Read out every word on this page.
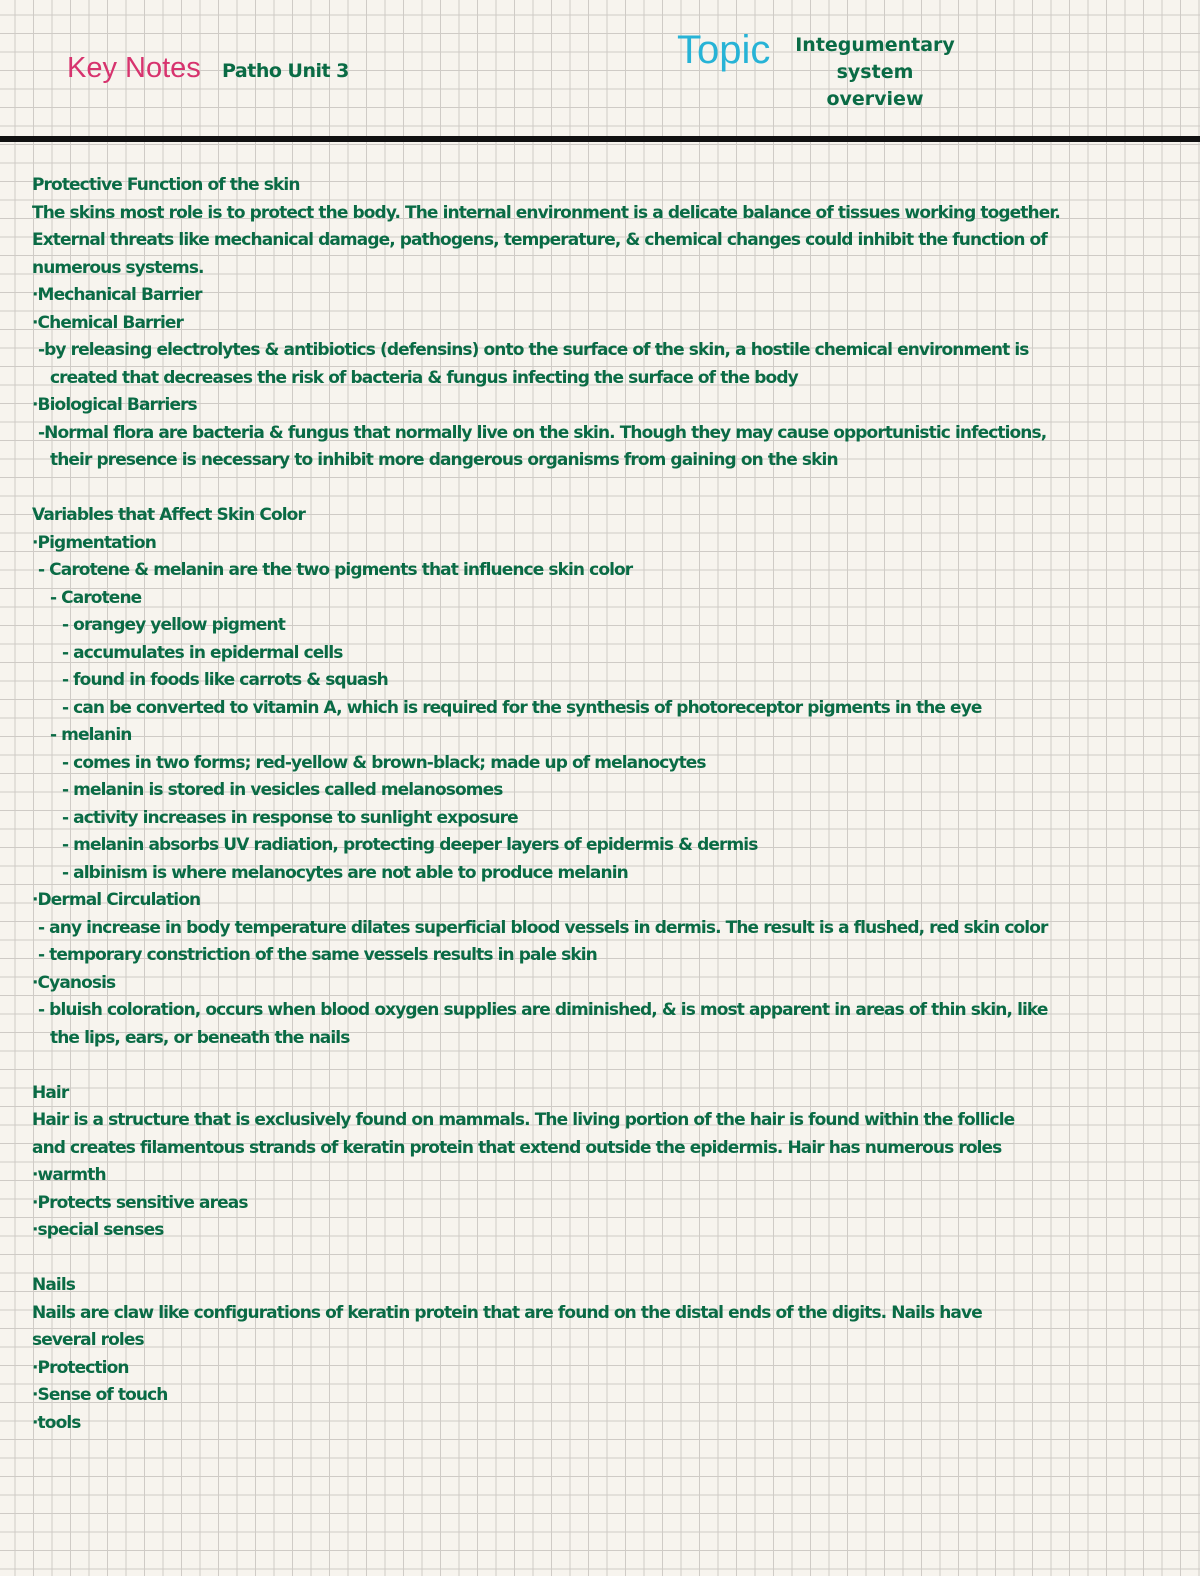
Key Notes Patho Unit 3	Topic Integumentary
system
overview
Protective Function of the skin
The skins most role is to protect the body. The internal environment is a delicate balance of tissues working together.
External threats like mechanical damage, pathogens, temperature, & chemical changes could inhibit the function of
numerous systems.
·Mechanical Barrier
·Chemical Barrier
-by releasing electrolytes & antibiotics (defensins) onto the surface of the skin, a hostile chemical environment is
created that decreases the risk of bacteria & fungus infecting the surface of the body
·Biological Barriers
-Normal flora are bacteria & fungus that normally live on the skin. Though they may cause opportunistic infections,
their presence is necessary to inhibit more dangerous organisms from gaining on the skin
Variables that Affect Skin Color
·Pigmentation
- Carotene & melanin are the two pigments that influence skin color
- Carotene
- orangey yellow pigment
- accumulates in epidermal cells
- found in foods like carrots & squash
- can be converted to vitamin A, which is required for the synthesis of photoreceptor pigments in the eye
- melanin
- comes in two forms; red-yellow & brown-black; made up of melanocytes
- melanin is stored in vesicles called melanosomes
- activity increases in response to sunlight exposure
- melanin absorbs UV radiation, protecting deeper layers of epidermis & dermis
- albinism is where melanocytes are not able to produce melanin
·Dermal Circulation
- any increase in body temperature dilates superficial blood vessels in dermis. The result is a flushed, red skin color
- temporary constriction of the same vessels results in pale skin
·Cyanosis
- bluish coloration, occurs when blood oxygen supplies are diminished, & is most apparent in areas of thin skin, like
the lips, ears, or beneath the nails
Hair
Hair is a structure that is exclusively found on mammals. The living portion of the hair is found within the follicle
and creates filamentous strands of keratin protein that extend outside the epidermis. Hair has numerous roles
·warmth
·Protects sensitive areas
·special senses
Nails
Nails are claw like configurations of keratin protein that are found on the distal ends of the digits. Nails have
several roles
·Protection
·Sense of touch
·tools
